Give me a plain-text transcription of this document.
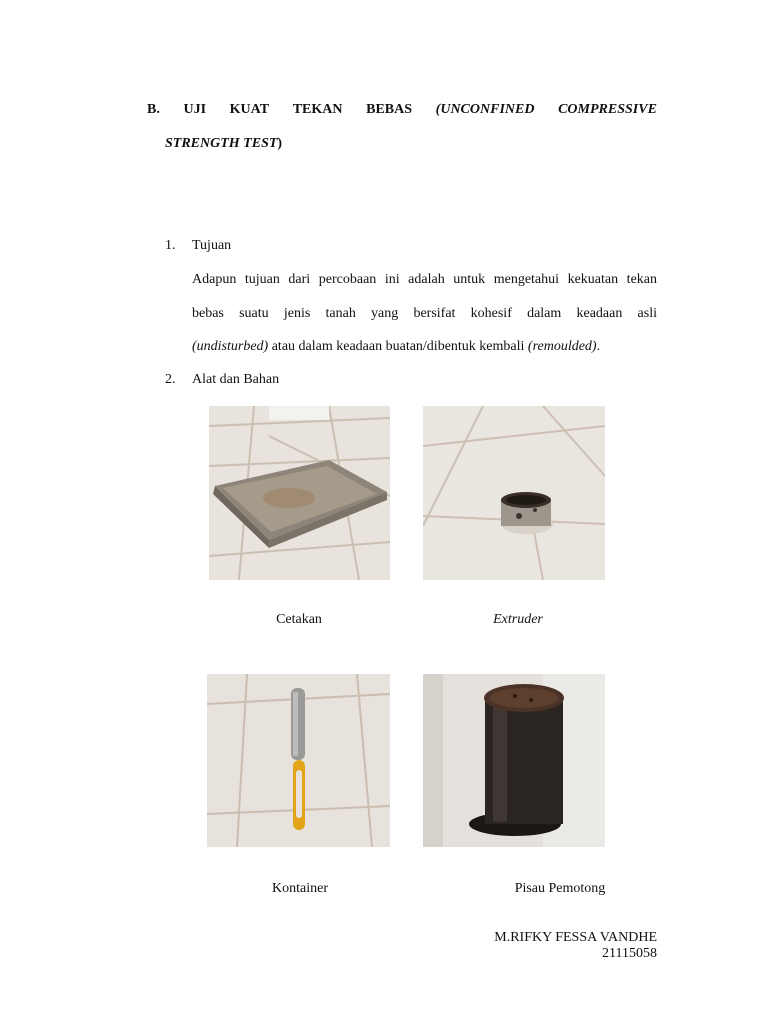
B. UJI KUAT TEKAN BEBAS (UNCONFINED COMPRESSIVE
STRENGTH TEST)
1. Tujuan
Adapun tujuan dari percobaan ini adalah untuk mengetahui kekuatan tekan
bebas suatu jenis tanah yang bersifat kohesif dalam keadaan asli
(undisturbed) atau dalam keadaan buatan/dibentuk kembali (remoulded).
2. Alat dan Bahan
Cetakan	Extruder
Kontainer	Pisau Pemotong
M.RIFKY FESSA VANDHE
21115058
